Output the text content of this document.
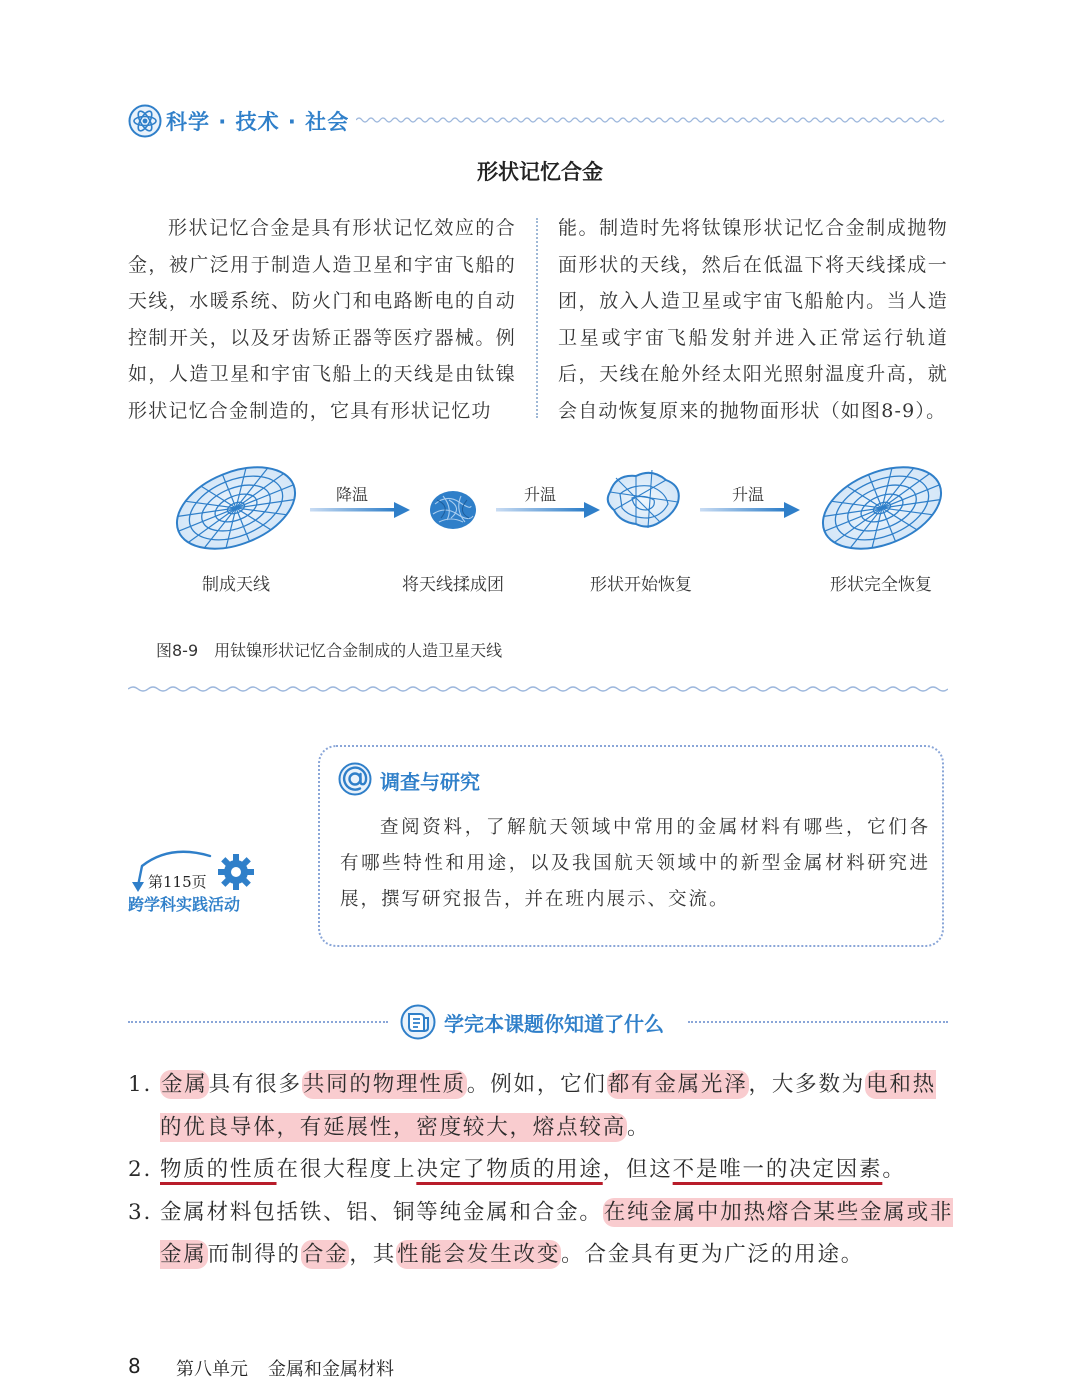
科学 · 技术 · 社会
形状记忆合金
形状记忆合金是具有形状记忆效应的合金，被广泛用于制造人造卫星和宇宙飞船的天线，水暖系统、防火门和电路断电的自动控制开关，以及牙齿矫正器等医疗器械。例如，人造卫星和宇宙飞船上的天线是由钛镍形状记忆合金制造的，它具有形状记忆功
能。制造时先将钛镍形状记忆合金制成抛物面形状的天线，然后在低温下将天线揉成一团，放入人造卫星或宇宙飞船舱内。当人造卫星或宇宙飞船发射并进入正常运行轨道后，天线在舱外经太阳光照射温度升高，就会自动恢复原来的抛物面形状（如图8-9）。
降温	升温	升温
制成天线	将天线揉成团	形状开始恢复	形状完全恢复
图8-9 用钛镍形状记忆合金制成的人造卫星天线
调查与研究
查阅资料，了解航天领域中常用的金属材料有哪些，它们各有哪些特性和用途，以及我国航天领域中的新型金属材料研究进展，撰写研究报告，并在班内展示、交流。
第115页
跨学科实践活动
学完本课题你知道了什么
1. 金属具有很多共同的物理性质。例如，它们都有金属光泽，大多数为电和热的优良导体，有延展性，密度较大，熔点较高。
2. 物质的性质在很大程度上决定了物质的用途，但这不是唯一的决定因素。
3. 金属材料包括铁、铝、铜等纯金属和合金。在纯金属中加热熔合某些金属或非金属而制得的合金，其性能会发生改变。合金具有更为广泛的用途。
8 第八单元 金属和金属材料
